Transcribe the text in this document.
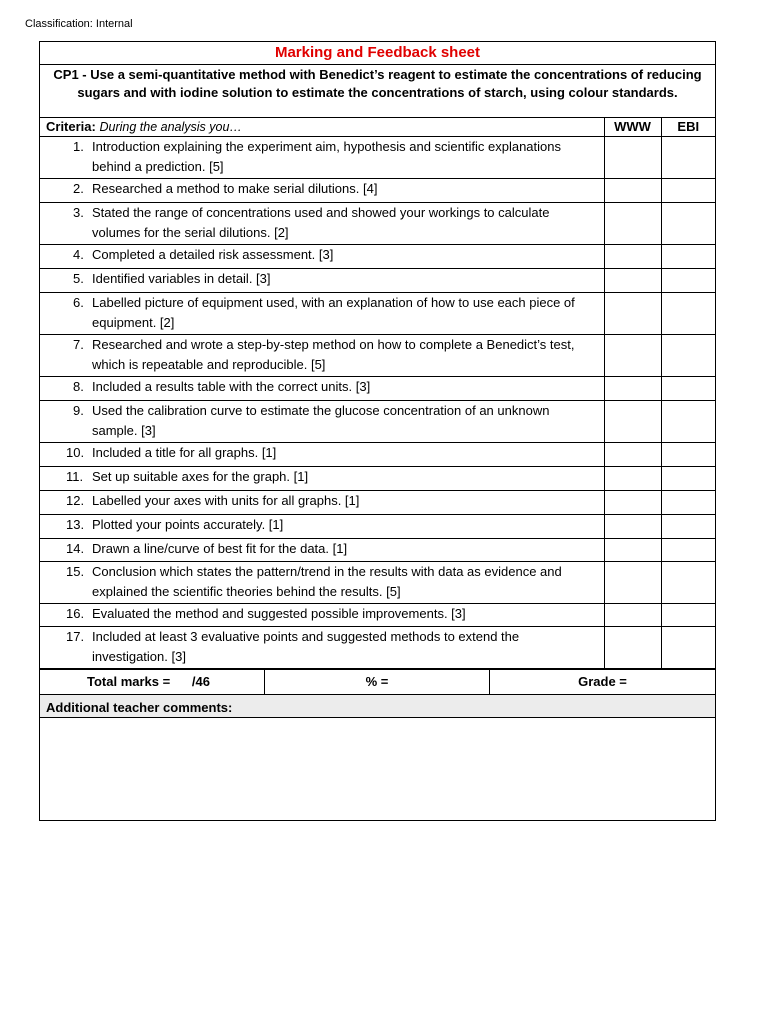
Classification: Internal
Marking and Feedback sheet
CP1 - Use a semi-quantitative method with Benedict’s reagent to estimate the concentrations of reducing sugars and with iodine solution to estimate the concentrations of starch, using colour standards.
Criteria: During the analysis you…	WWW	EBI

1. Introduction explaining the experiment aim, hypothesis and scientific explanations behind a prediction. [5]		

2. Researched a method to make serial dilutions. [4]		

3. Stated the range of concentrations used and showed your workings to calculate volumes for the serial dilutions. [2]		

4. Completed a detailed risk assessment. [3]		

5. Identified variables in detail. [3]		

6. Labelled picture of equipment used, with an explanation of how to use each piece of equipment. [2]		

7. Researched and wrote a step-by-step method on how to complete a Benedict’s test, which is repeatable and reproducible. [5]		

8. Included a results table with the correct units. [3]		

9. Used the calibration curve to estimate the glucose concentration of an unknown sample. [3]		

10. Included a title for all graphs. [1]		

11. Set up suitable axes for the graph. [1]		

12. Labelled your axes with units for all graphs. [1]		

13. Plotted your points accurately. [1]		

14. Drawn a line/curve of best fit for the data. [1]		

15. Conclusion which states the pattern/trend in the results with data as evidence and explained the scientific theories behind the results. [5]		

16. Evaluated the method and suggested possible improvements. [3]		

17. Included at least 3 evaluative points and suggested methods to extend the investigation. [3]		
Total marks =      /46	% =	Grade =
Additional teacher comments:
